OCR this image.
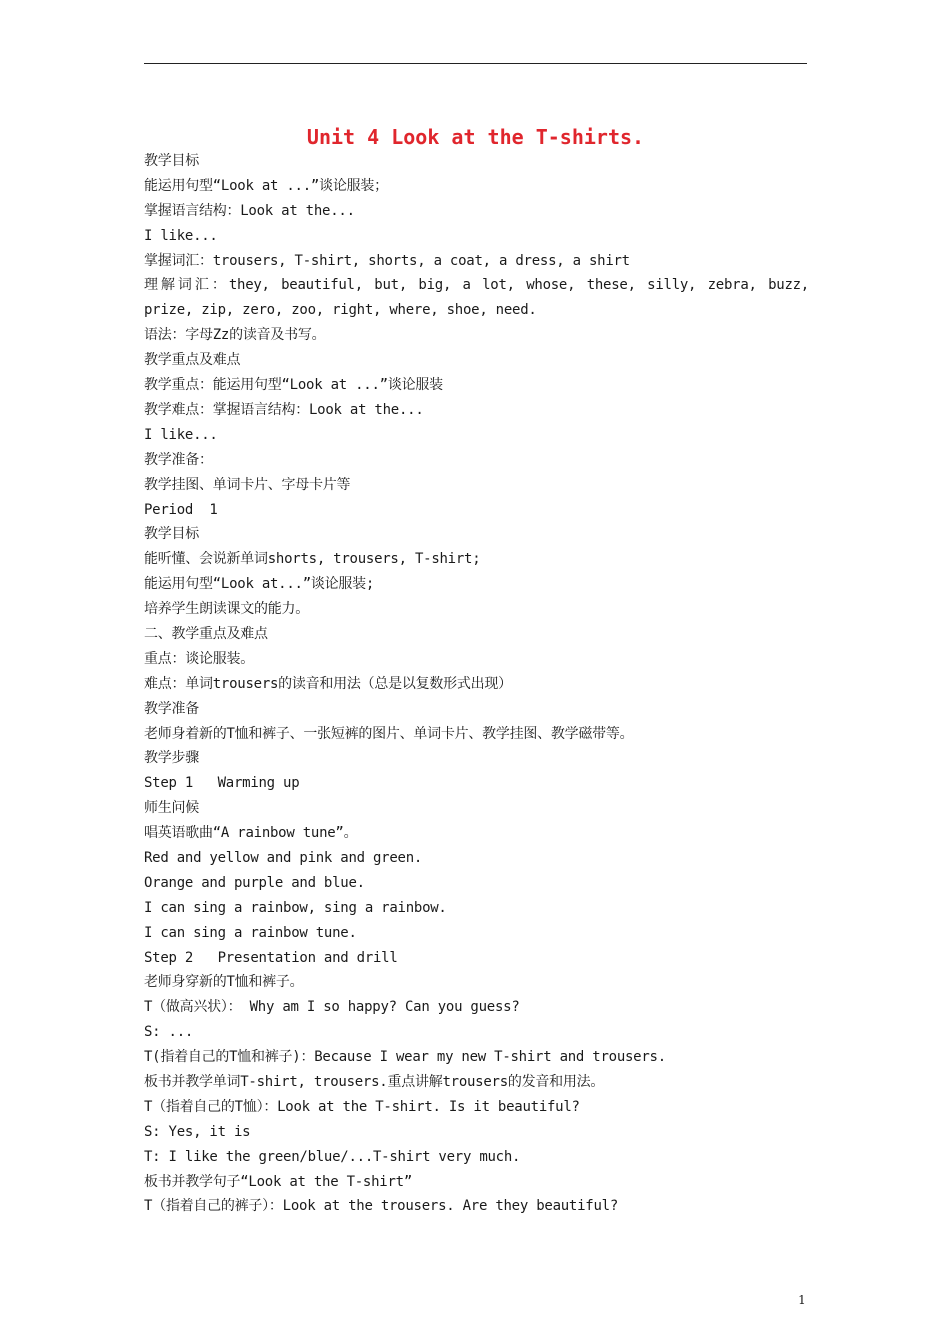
Unit 4 Look at the T-shirts.
教学目标
能运用句型“Look at ...”谈论服装；
掌握语言结构：Look at the...
I like...
掌握词汇：trousers, T-shirt, shorts, a coat, a dress, a shirt
理解词汇：they, beautiful, but, big, a lot, whose, these, silly, zebra, buzz, prize, zip, zero, zoo, right, where, shoe, need.
语法：字母Zz的读音及书写。
教学重点及难点
教学重点：能运用句型“Look at ...”谈论服装
教学难点：掌握语言结构：Look at the...
I like...
教学准备：
教学挂图、单词卡片、字母卡片等
Period  1
教学目标
能听懂、会说新单词shorts, trousers, T-shirt;
能运用句型“Look at...”谈论服装;
培养学生朗读课文的能力。
二、教学重点及难点
重点：谈论服装。
难点：单词trousers的读音和用法（总是以复数形式出现）
教学准备
老师身着新的T恤和裤子、一张短裤的图片、单词卡片、教学挂图、教学磁带等。
教学步骤
Step 1   Warming up
师生问候
唱英语歌曲“A rainbow tune”。
Red and yellow and pink and green.
Orange and purple and blue.
I can sing a rainbow, sing a rainbow.
I can sing a rainbow tune.
Step 2   Presentation and drill
老师身穿新的T恤和裤子。
T（做高兴状）： Why am I so happy? Can you guess?
S: ...
T(指着自己的T恤和裤子)：Because I wear my new T-shirt and trousers.
板书并教学单词T-shirt, trousers.重点讲解trousers的发音和用法。
T（指着自己的T恤）：Look at the T-shirt. Is it beautiful?
S: Yes, it is
T: I like the green/blue/...T-shirt very much.
板书并教学句子“Look at the T-shirt”
T（指着自己的裤子）：Look at the trousers. Are they beautiful?
1
